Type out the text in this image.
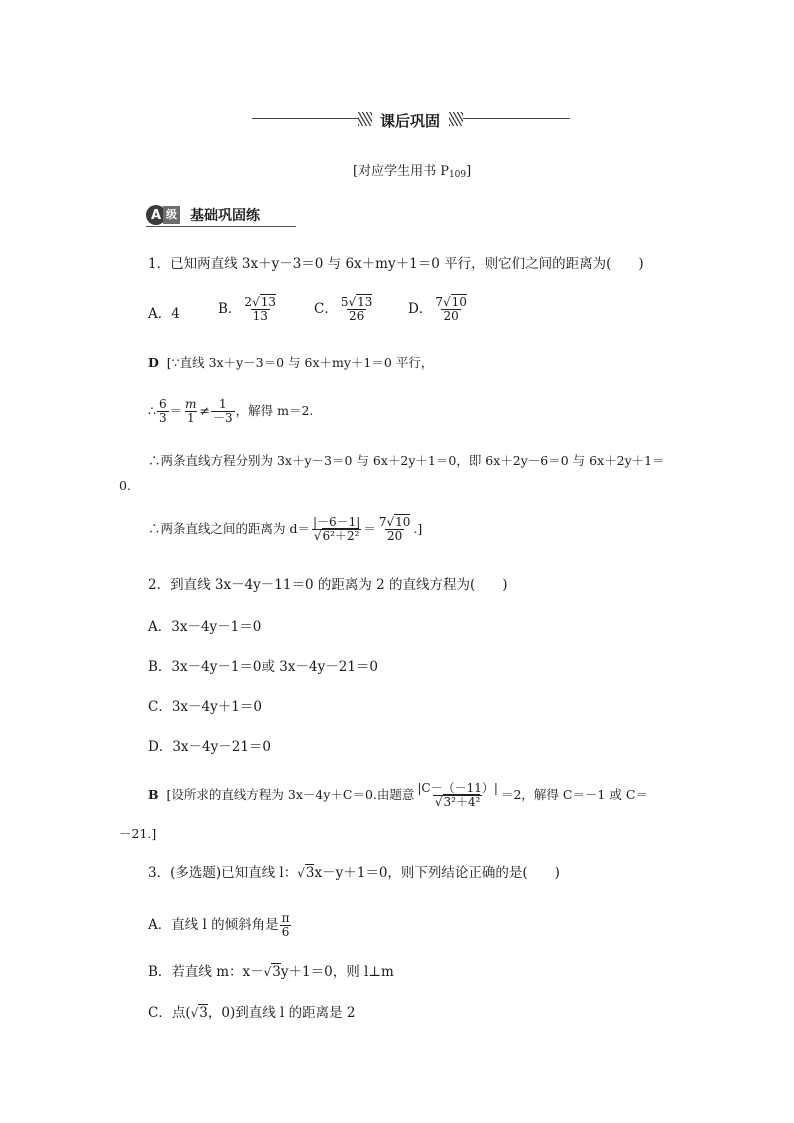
课后巩固
[对应学生用书 $P_{109}$]
A 级 基础巩固练
1．已知两直线 3x＋y－3＝0 与 6x＋my＋1＝0 平行，则它们之间的距离为(　　)
A．4	B． $\frac{2√13}{13}$	C． $\frac{5√13}{26}$ D． $\frac{7√10}{20}$
D [∵直线 3x＋y－3＝0 与 6x＋my＋1＝0 平行，
∴ $\frac{6}{3} = \frac{m}{1} \ne \frac{1}{-3}$ ，解得 m＝2.
∴两条直线方程分别为 3x＋y－3＝0 与 6x＋2y＋1＝0，即 6x＋2y－6＝0 与 6x＋2y＋1＝
0.
∴两条直线之间的距离为 $d= \frac{|-6-1|}{\text{√6²＋2²}} = \frac{7√10}{20}$ .]
2．到直线 3x－4y－11＝0 的距离为 2 的直线方程为(　　)
A．3x－4y－1＝0
B．3x－4y－1＝0或 3x－4y－21＝0
C．3x－4y＋1＝0
D．3x－4y－21＝0
B [设所求的直线方程为 3x－4y＋C＝0.由题意 $\frac{|C-(-11)|}{\text{√3²＋4²}} =2$，解得 C＝－1 或 C＝
－21.]
3．(多选题)已知直线 l：√3x－y＋1＝0，则下列结论正确的是(　　)
A．直线 l 的倾斜角是 $\frac{\pi}{6}$
B．若直线 m：x－√3y＋1＝0，则 l⊥m
C．点(√3，0)到直线 l 的距离是 2
